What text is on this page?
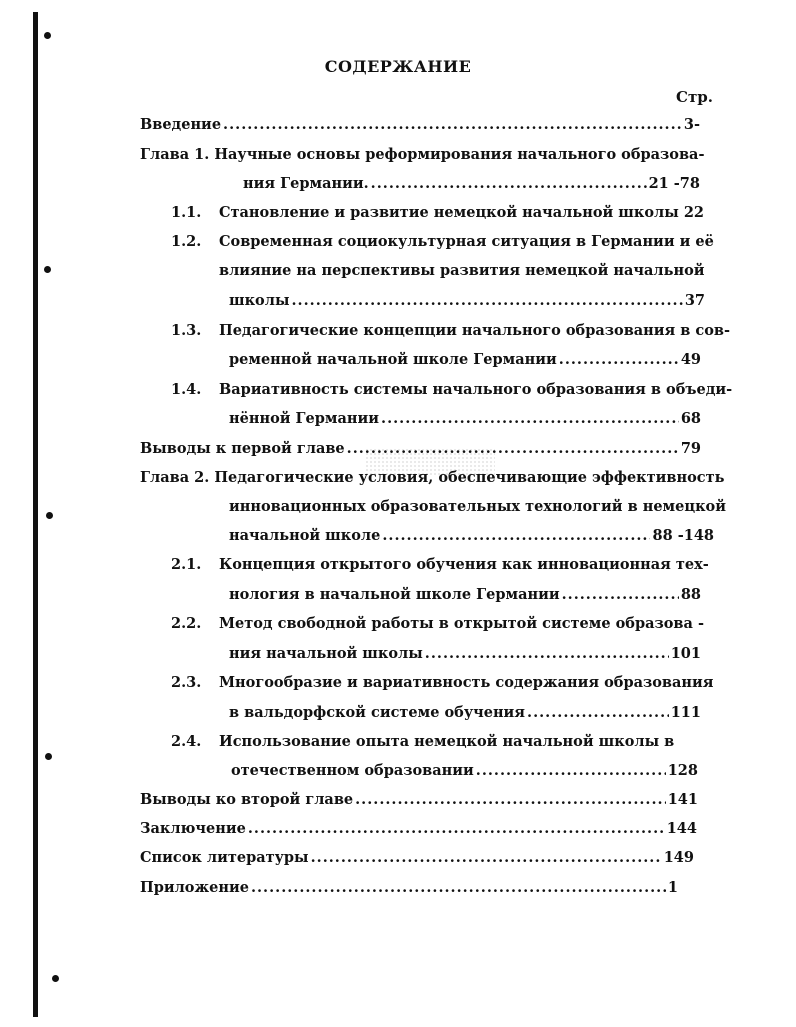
СОДЕРЖАНИЕ
Стр.
Введение .....	3-
Глава 1. Научные основы реформирования начального образова-
ния Германии. .....	21 -78
1.1. Становление и развитие немецкой начальной школы ..... 22
1.2. Современная социокультурная ситуация в Германии и её
влияние на перспективы развития немецкой начальной
школы .....	37
1.3. Педагогические концепции начального образования в сов-
ременной начальной школе Германии .....	49
1.4. Вариативность системы начального образования в объеди-
нённой Германии .....	68
Выводы к первой главе .....	79
Глава 2. Педагогические условия, обеспечивающие эффективность
инновационных образовательных технологий в немецкой
начальной школе .....	88 -148
2.1. Концепция открытого обучения как инновационная тех-
нология в начальной школе Германии .....	88
2.2. Метод свободной работы в открытой системе образова -
ния начальной школы .....	101
2.3. Многообразие и вариативность содержания образования
в вальдорфской системе обучения .....	111
2.4. Использование опыта немецкой начальной школы в
отечественном образовании .....	128
Выводы ко второй главе .....	141
Заключение .....	144
Список литературы .....	149
Приложение .....	1
